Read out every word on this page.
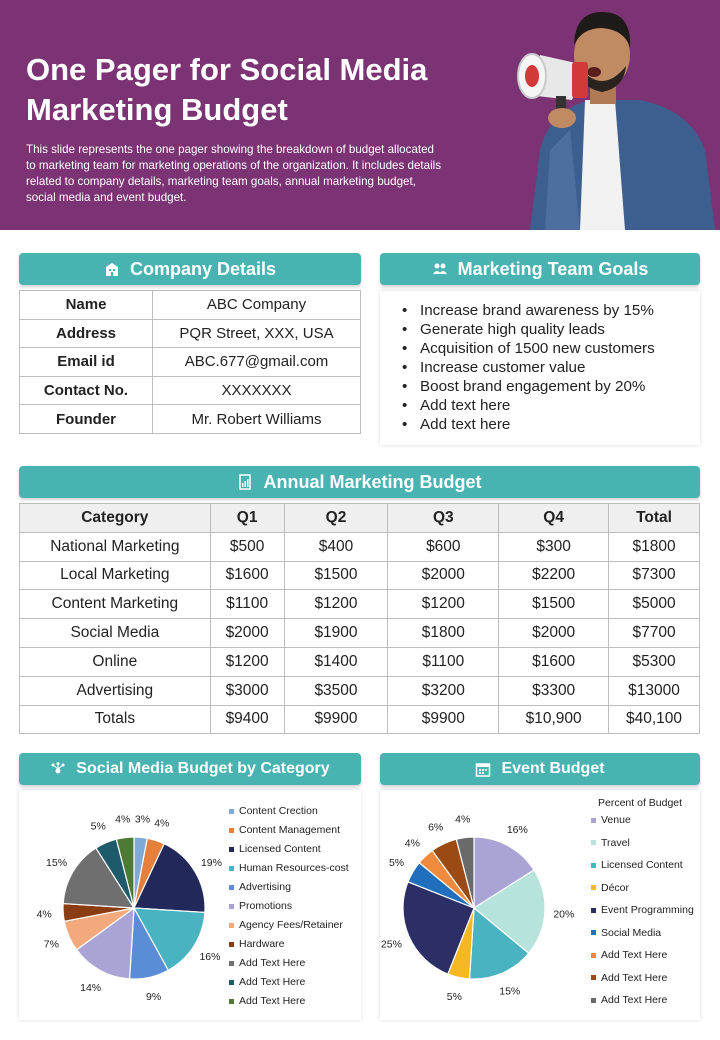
One Pager for Social Media Marketing Budget
This slide represents the one pager showing the breakdown of budget allocated to marketing team for marketing operations of the organization. It includes details related to company details, marketing team goals, annual marketing budget, social media and event budget.
Company Details
Name	ABC Company
Address	PQR Street, XXX, USA
Email id	ABC.677@gmail.com
Contact No.	XXXXXXX
Founder	Mr. Robert Williams
Marketing Team Goals
• Increase brand awareness by 15%
• Generate high quality leads
• Acquisition of 1500 new customers
• Increase customer value
• Boost brand engagement by 20%
• Add text here
• Add text here
Annual Marketing Budget
Category	Q1	Q2	Q3	Q4	Total
National Marketing	$500	$400	$600	$300	$1800
Local Marketing	$1600	$1500	$2000	$2200	$7300
Content Marketing	$1100	$1200	$1200	$1500	$5000
Social Media	$2000	$1900	$1800	$2000	$7700
Online	$1200	$1400	$1100	$1600	$5300
Advertising	$3000	$3500	$3200	$3300	$13000
Totals	$9400	$9900	$9900	$10,900	$40,100
Social Media Budget by Category
3% 4%
19%
16%
9%
14%
7%
4%
15%
5%
4%
Content Crection
Content Management
Licensed Content
Human Resources-cost
Advertising
Promotions
Agency Fees/Retainer
Hardware
Add Text Here
Add Text Here
Add Text Here
Event Budget
16%
20%
15%
5%
25%
5%
4%
6%
4%
Percent of Budget
Venue
Travel
Licensed Content
Décor
Event Programming
Social Media
Add Text Here
Add Text Here
Add Text Here
